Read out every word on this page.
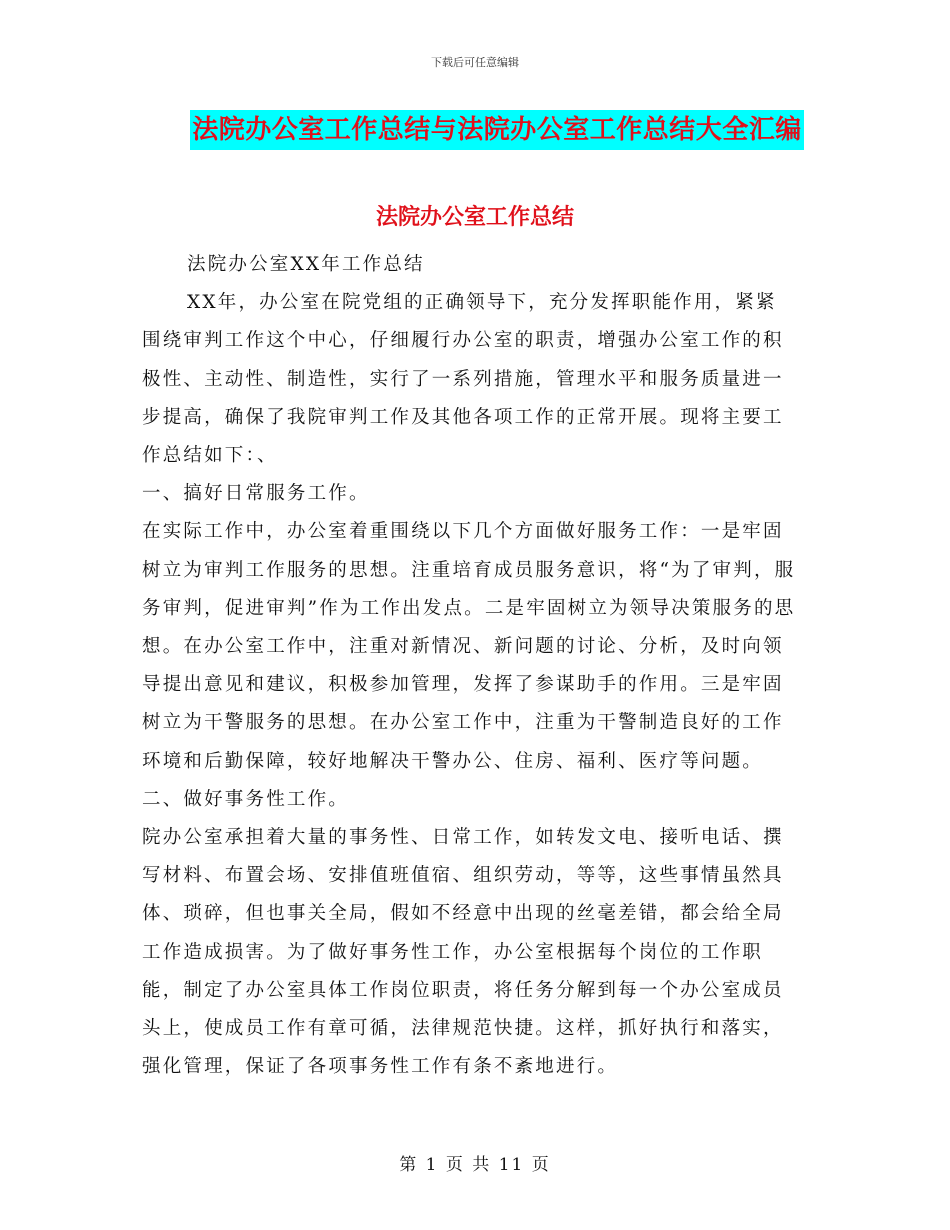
下载后可任意编辑
法院办公室工作总结与法院办公室工作总结大全汇编
法院办公室工作总结

法院办公室XX年工作总结

XX年，办公室在院党组的正确领导下，充分发挥职能作用，紧紧围绕审判工作这个中心，仔细履行办公室的职责，增强办公室工作的积极性、主动性、制造性，实行了一系列措施，管理水平和服务质量进一步提高，确保了我院审判工作及其他各项工作的正常开展。现将主要工作总结如下：、

一、搞好日常服务工作。

在实际工作中，办公室着重围绕以下几个方面做好服务工作：一是牢固树立为审判工作服务的思想。注重培育成员服务意识，将“为了审判，服务审判，促进审判”作为工作出发点。二是牢固树立为领导决策服务的思想。在办公室工作中，注重对新情况、新问题的讨论、分析，及时向领导提出意见和建议，积极参加管理，发挥了参谋助手的作用。三是牢固树立为干警服务的思想。在办公室工作中，注重为干警制造良好的工作环境和后勤保障，较好地解决干警办公、住房、福利、医疗等问题。

二、做好事务性工作。

院办公室承担着大量的事务性、日常工作，如转发文电、接听电话、撰写材料、布置会场、安排值班值宿、组织劳动，等等，这些事情虽然具体、琐碎，但也事关全局，假如不经意中出现的丝毫差错，都会给全局工作造成损害。为了做好事务性工作，办公室根据每个岗位的工作职能，制定了办公室具体工作岗位职责，将任务分解到每一个办公室成员头上，使成员工作有章可循，法律规范快捷。这样，抓好执行和落实，强化管理，保证了各项事务性工作有条不紊地进行。

第 1 页 共 11 页
